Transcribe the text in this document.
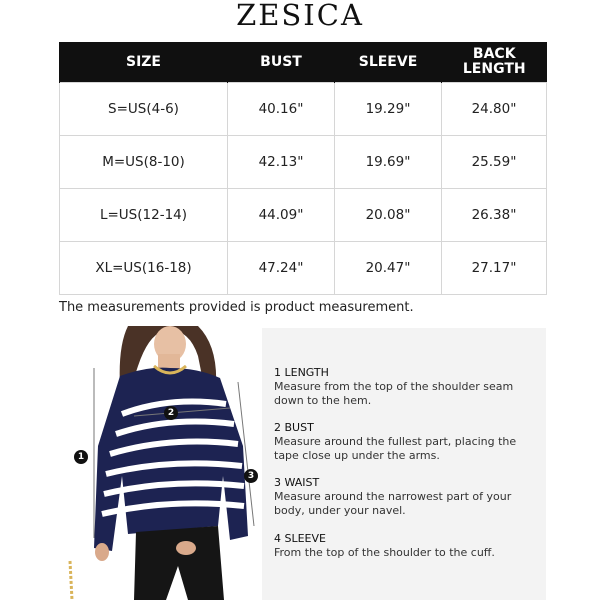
ZESICA
SIZE	BUST	SLEEVE	BACK
LENGTH
S=US(4-6)	40.16"	19.29"	24.80"
M=US(8-10)	42.13"	19.69"	25.59"
L=US(12-14)	44.09"	20.08"	26.38"
XL=US(16-18)	47.24"	20.47"	27.17"
The measurements provided is product measurement.
1
2
3
1 LENGTH
Measure from the top of the shoulder seam down to the hem.
2 BUST
Measure around the fullest part, placing the tape close up under the arms.
3 WAIST
Measure around the narrowest part of your body, under your navel.
4 SLEEVE
From the top of the shoulder to the cuff.
